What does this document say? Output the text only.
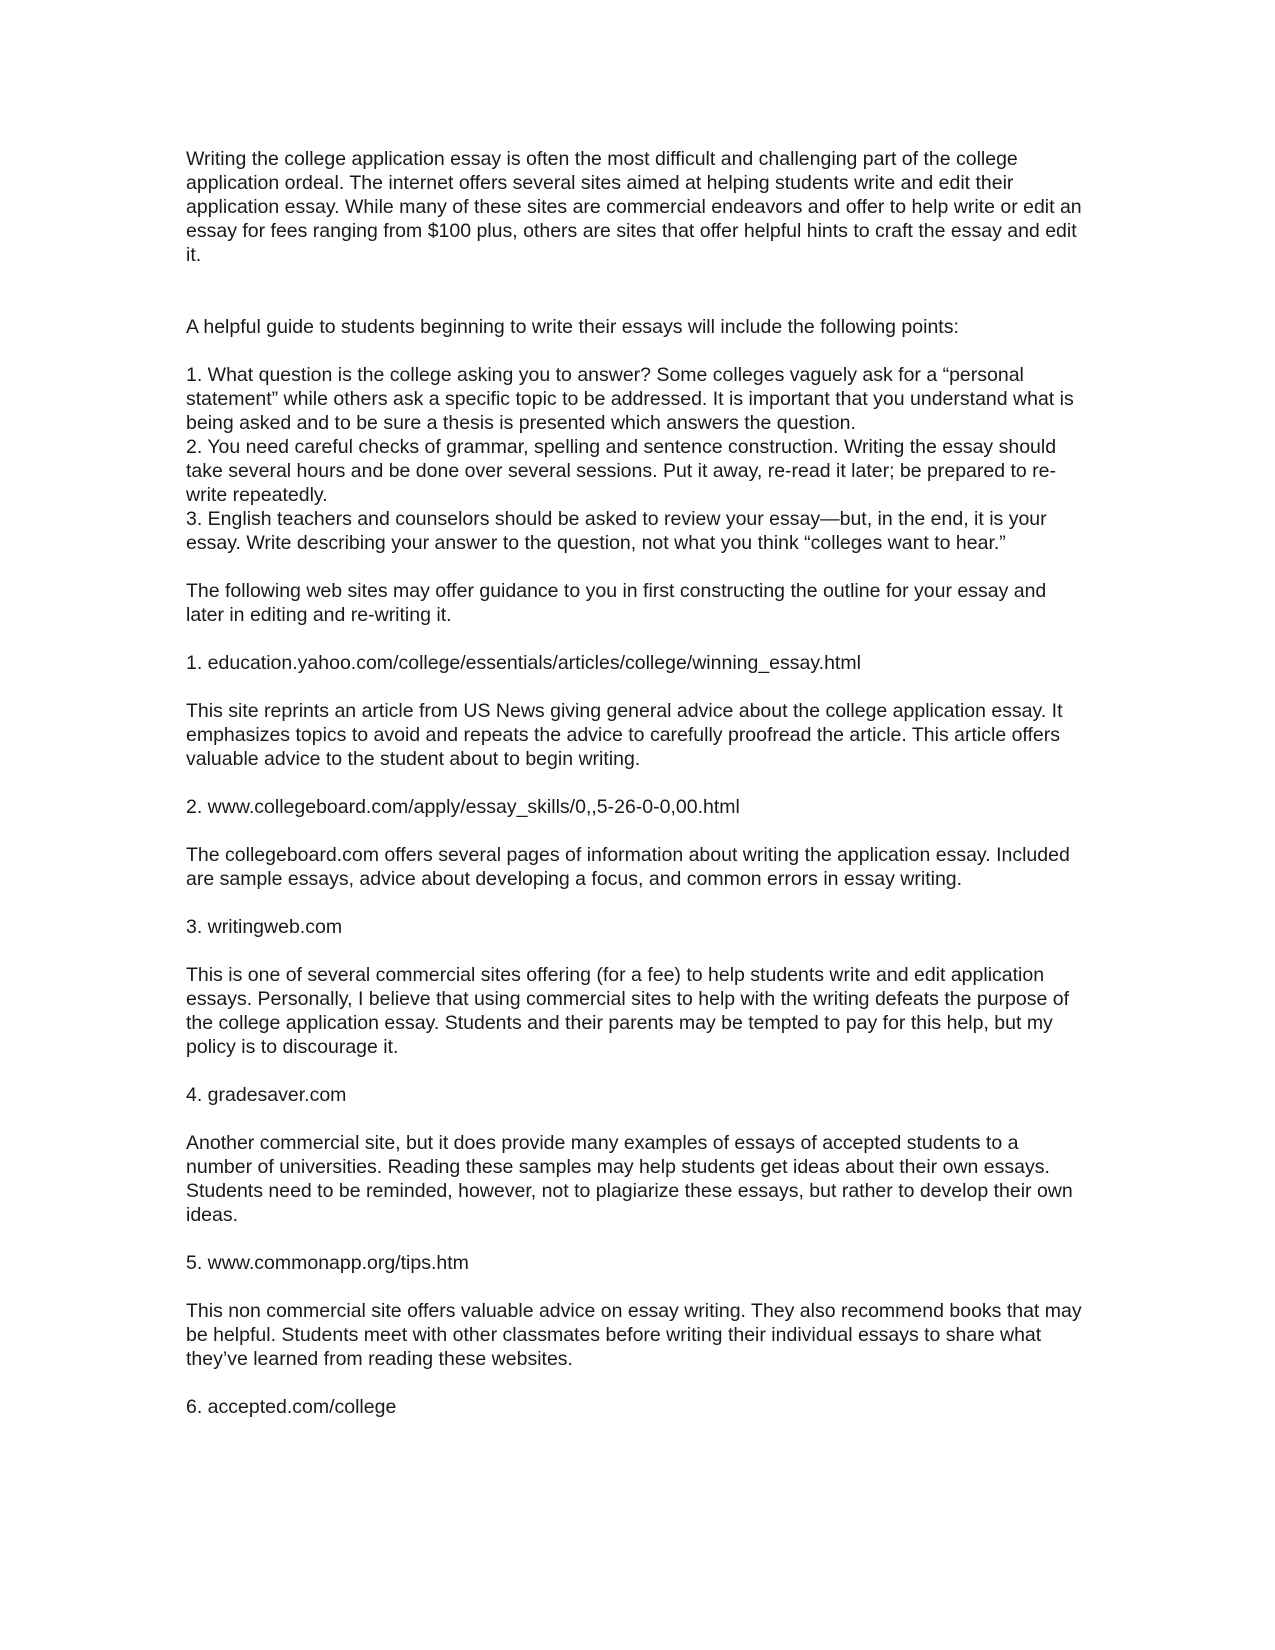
Writing the college application essay is often the most difficult and challenging part of the college application ordeal. The internet offers several sites aimed at helping students write and edit their application essay. While many of these sites are commercial endeavors and offer to help write or edit an essay for fees ranging from $100 plus, others are sites that offer helpful hints to craft the essay and edit it.

A helpful guide to students beginning to write their essays will include the following points:

1. What question is the college asking you to answer? Some colleges vaguely ask for a “personal statement” while others ask a specific topic to be addressed. It is important that you understand what is being asked and to be sure a thesis is presented which answers the question.

2. You need careful checks of grammar, spelling and sentence construction. Writing the essay should take several hours and be done over several sessions. Put it away, re-read it later; be prepared to re-write repeatedly.

3. English teachers and counselors should be asked to review your essay—but, in the end, it is your essay. Write describing your answer to the question, not what you think “colleges want to hear.”

The following web sites may offer guidance to you in first constructing the outline for your essay and later in editing and re-writing it.

1. education.yahoo.com/college/essentials/articles/college/winning_essay.html

This site reprints an article from US News giving general advice about the college application essay. It emphasizes topics to avoid and repeats the advice to carefully proofread the article. This article offers valuable advice to the student about to begin writing.

2. www.collegeboard.com/apply/essay_skills/0,,5-26-0-0,00.html

The collegeboard.com offers several pages of information about writing the application essay. Included are sample essays, advice about developing a focus, and common errors in essay writing.

3. writingweb.com

This is one of several commercial sites offering (for a fee) to help students write and edit application essays. Personally, I believe that using commercial sites to help with the writing defeats the purpose of the college application essay. Students and their parents may be tempted to pay for this help, but my policy is to discourage it.

4. gradesaver.com

Another commercial site, but it does provide many examples of essays of accepted students to a number of universities. Reading these samples may help students get ideas about their own essays. Students need to be reminded, however, not to plagiarize these essays, but rather to develop their own ideas.

5. www.commonapp.org/tips.htm

This non commercial site offers valuable advice on essay writing. They also recommend books that may be helpful. Students meet with other classmates before writing their individual essays to share what they’ve learned from reading these websites.

6. accepted.com/college
